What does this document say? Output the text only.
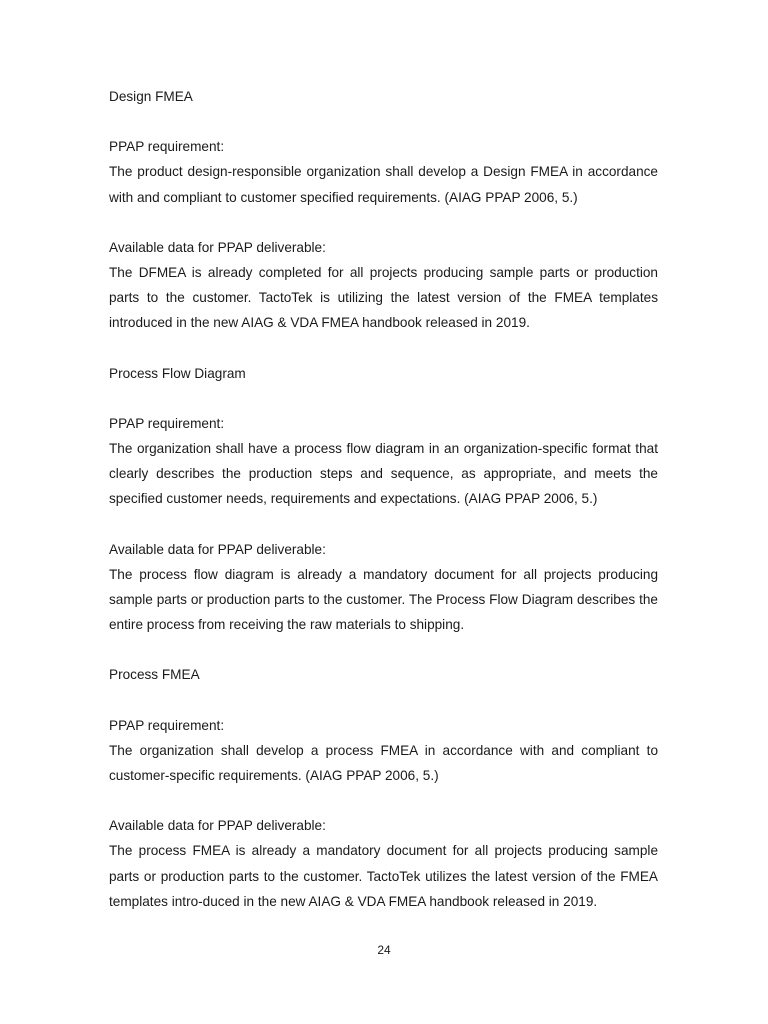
Design FMEA

PPAP requirement:

The product design-responsible organization shall develop a Design FMEA in accordance with and compliant to customer specified requirements. (AIAG PPAP 2006, 5.)

Available data for PPAP deliverable:

The DFMEA is already completed for all projects producing sample parts or production parts to the customer. TactoTek is utilizing the latest version of the FMEA templates introduced in the new AIAG & VDA FMEA handbook released in 2019.

Process Flow Diagram

PPAP requirement:

The organization shall have a process flow diagram in an organization-specific format that clearly describes the production steps and sequence, as appropriate, and meets the specified customer needs, requirements and expectations. (AIAG PPAP 2006, 5.)

Available data for PPAP deliverable:

The process flow diagram is already a mandatory document for all projects producing sample parts or production parts to the customer. The Process Flow Diagram describes the entire process from receiving the raw materials to shipping.

Process FMEA

PPAP requirement:

The organization shall develop a process FMEA in accordance with and compliant to customer-specific requirements. (AIAG PPAP 2006, 5.)

Available data for PPAP deliverable:

The process FMEA is already a mandatory document for all projects producing sample parts or production parts to the customer. TactoTek utilizes the latest version of the FMEA templates intro-duced in the new AIAG & VDA FMEA handbook released in 2019.

24
